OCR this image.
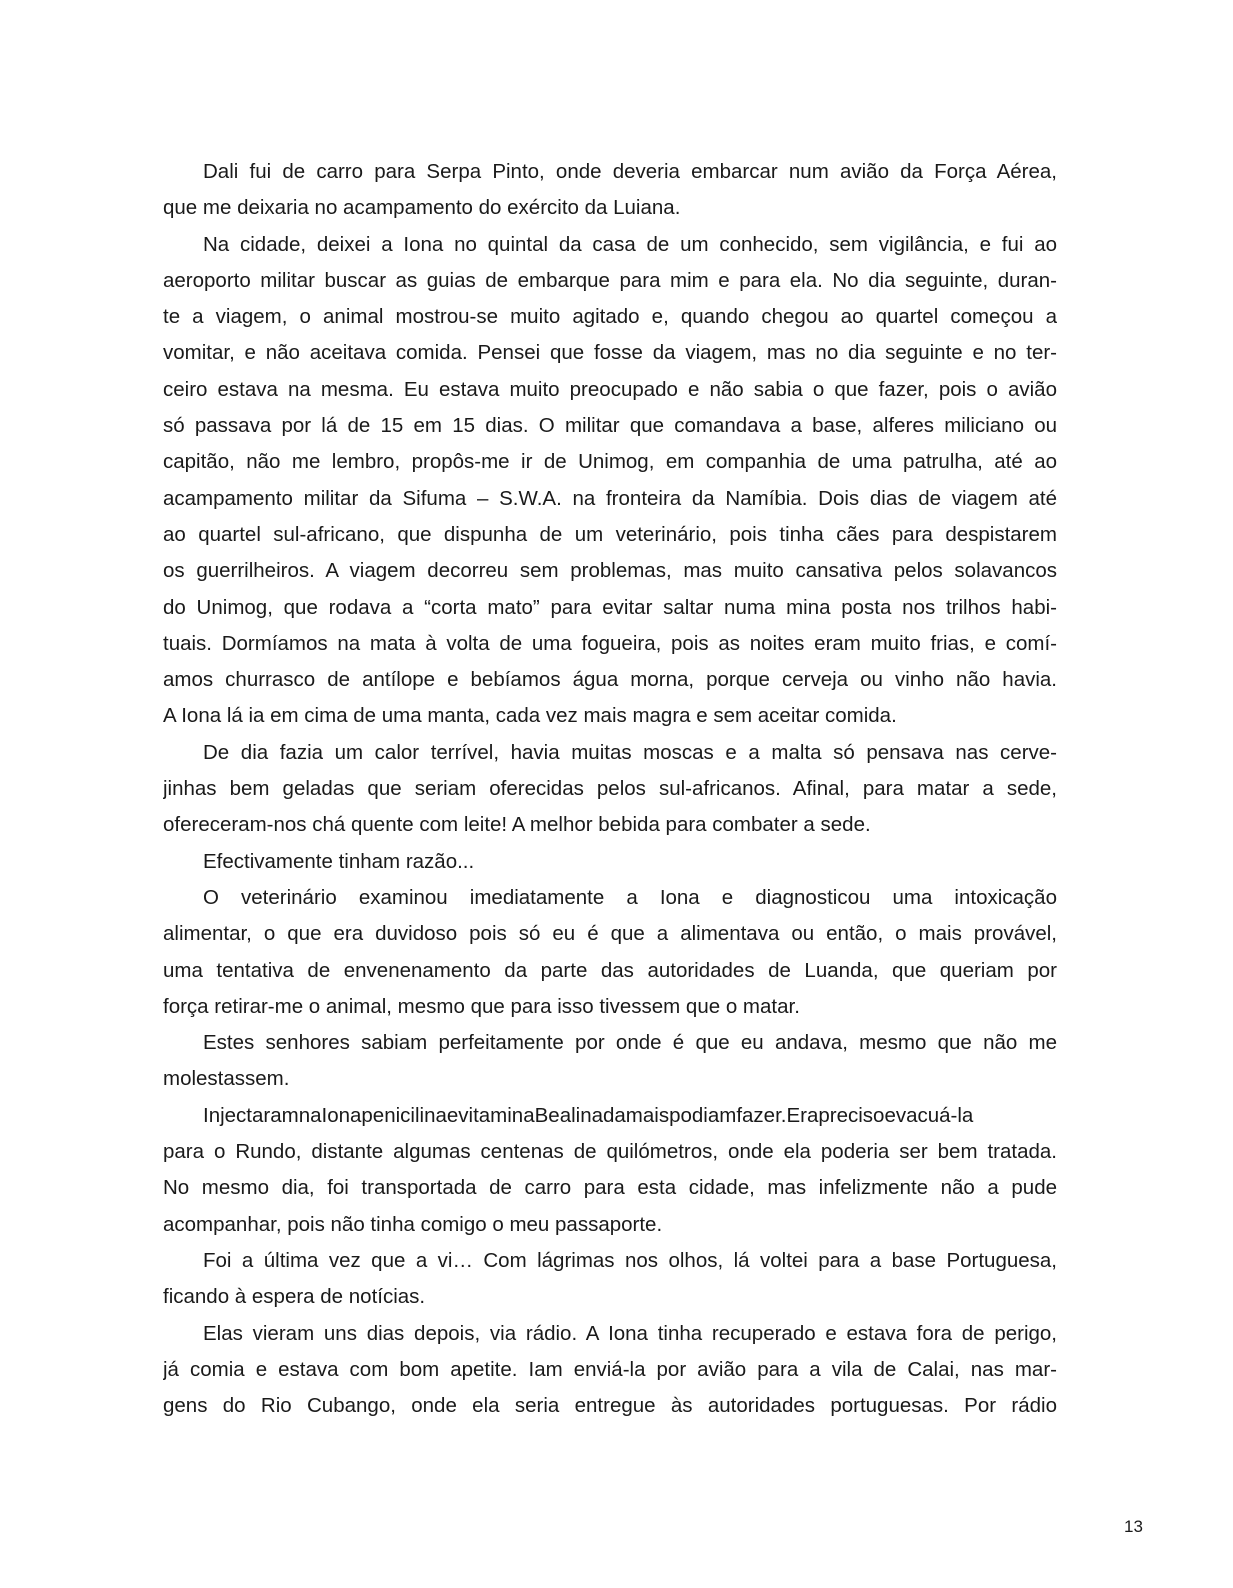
Dali fui de carro para Serpa Pinto, onde deveria embarcar num avião da Força Aérea,
que me deixaria no acampamento do exército da Luiana.
Na cidade, deixei a Iona no quintal da casa de um conhecido, sem vigilância, e fui ao
aeroporto militar buscar as guias de embarque para mim e para ela. No dia seguinte, duran-
te a viagem, o animal mostrou-se muito agitado e, quando chegou ao quartel começou a
vomitar, e não aceitava comida. Pensei que fosse da viagem, mas no dia seguinte e no ter-
ceiro estava na mesma. Eu estava muito preocupado e não sabia o que fazer, pois o avião
só passava por lá de 15 em 15 dias. O militar que comandava a base, alferes miliciano ou
capitão, não me lembro, propôs-me ir de Unimog, em companhia de uma patrulha, até ao
acampamento militar da Sifuma – S.W.A. na fronteira da Namíbia. Dois dias de viagem até
ao quartel sul-africano, que dispunha de um veterinário, pois tinha cães para despistarem
os guerrilheiros. A viagem decorreu sem problemas, mas muito cansativa pelos solavancos
do Unimog, que rodava a “corta mato” para evitar saltar numa mina posta nos trilhos habi-
tuais. Dormíamos na mata à volta de uma fogueira, pois as noites eram muito frias, e comí-
amos churrasco de antílope e bebíamos água morna, porque cerveja ou vinho não havia.
A Iona lá ia em cima de uma manta, cada vez mais magra e sem aceitar comida.
De dia fazia um calor terrível, havia muitas moscas e a malta só pensava nas cerve-
jinhas bem geladas que seriam oferecidas pelos sul-africanos. Afinal, para matar a sede,
ofereceram-nos chá quente com leite! A melhor bebida para combater a sede.
Efectivamente tinham razão...
O veterinário examinou imediatamente a Iona e diagnosticou uma intoxicação
alimentar, o que era duvidoso pois só eu é que a alimentava ou então, o mais provável,
uma tentativa de envenenamento da parte das autoridades de Luanda, que queriam por
força retirar-me o animal, mesmo que para isso tivessem que o matar.
Estes senhores sabiam perfeitamente por onde é que eu andava, mesmo que não me
molestassem.
InjectaramnaIonapenicilinaevitaminaBealinadamaispodiamfazer.Eraprecisoevacuá-la
para o Rundo, distante algumas centenas de quilómetros, onde ela poderia ser bem tratada.
No mesmo dia, foi transportada de carro para esta cidade, mas infelizmente não a pude
acompanhar, pois não tinha comigo o meu passaporte.
Foi a última vez que a vi… Com lágrimas nos olhos, lá voltei para a base Portuguesa,
ficando à espera de notícias.
Elas vieram uns dias depois, via rádio. A Iona tinha recuperado e estava fora de perigo,
já comia e estava com bom apetite. Iam enviá-la por avião para a vila de Calai, nas mar-
gens do Rio Cubango, onde ela seria entregue às autoridades portuguesas. Por rádio
13
